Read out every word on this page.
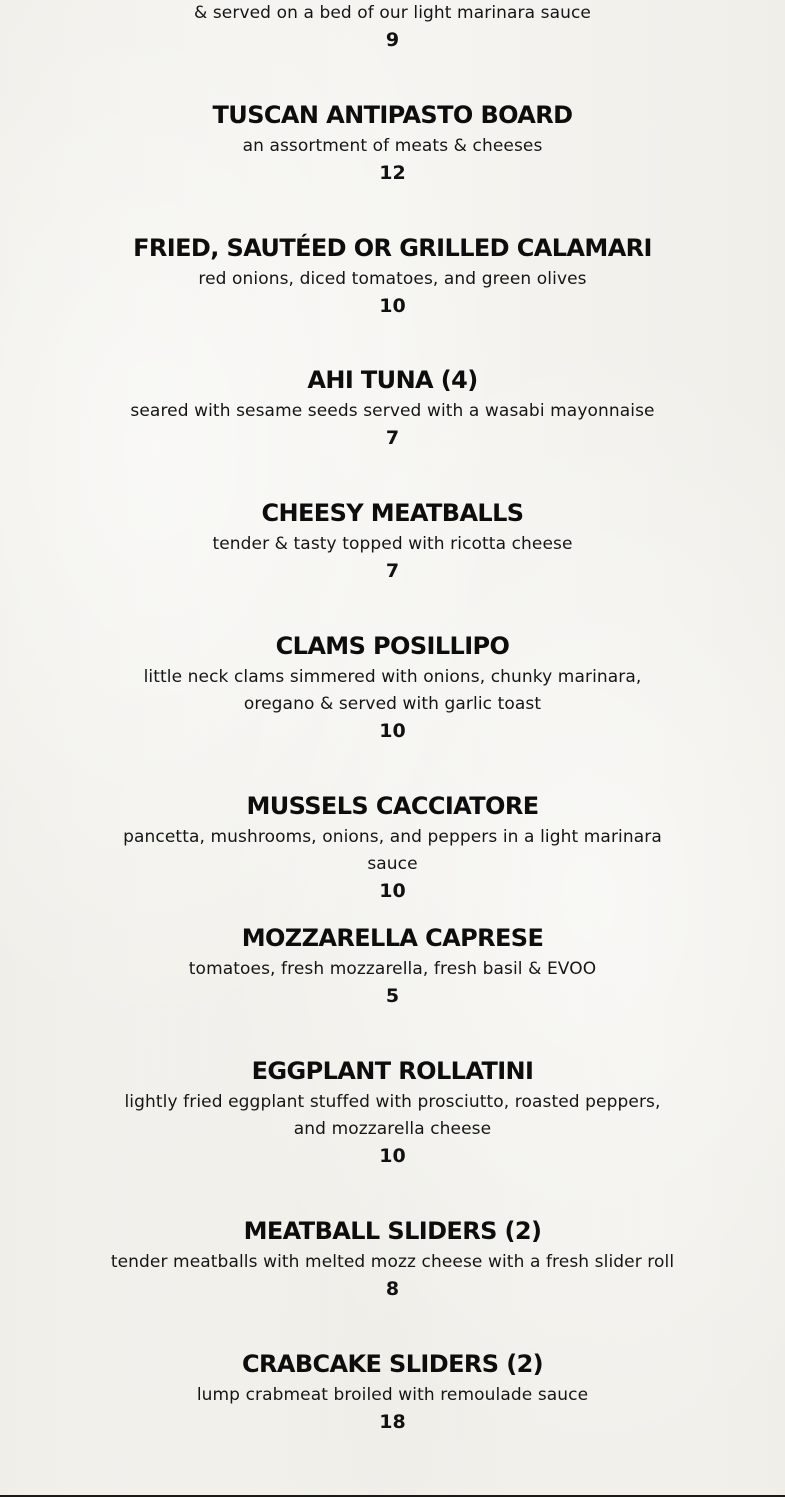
& served on a bed of our light marinara sauce

9

TUSCAN ANTIPASTO BOARD

an assortment of meats & cheeses

12

FRIED, SAUTÉED OR GRILLED CALAMARI

red onions, diced tomatoes, and green olives

10

AHI TUNA (4)

seared with sesame seeds served with a wasabi mayonnaise

7

CHEESY MEATBALLS

tender & tasty topped with ricotta cheese

7

CLAMS POSILLIPO

little neck clams simmered with onions, chunky marinara, oregano & served with garlic toast

10

MUSSELS CACCIATORE

pancetta, mushrooms, onions, and peppers in a light marinara sauce

10

MOZZARELLA CAPRESE

tomatoes, fresh mozzarella, fresh basil & EVOO

5

EGGPLANT ROLLATINI

lightly fried eggplant stuffed with prosciutto, roasted peppers, and mozzarella cheese

10

MEATBALL SLIDERS (2)

tender meatballs with melted mozz cheese with a fresh slider roll

8

CRABCAKE SLIDERS (2)

lump crabmeat broiled with remoulade sauce

18
